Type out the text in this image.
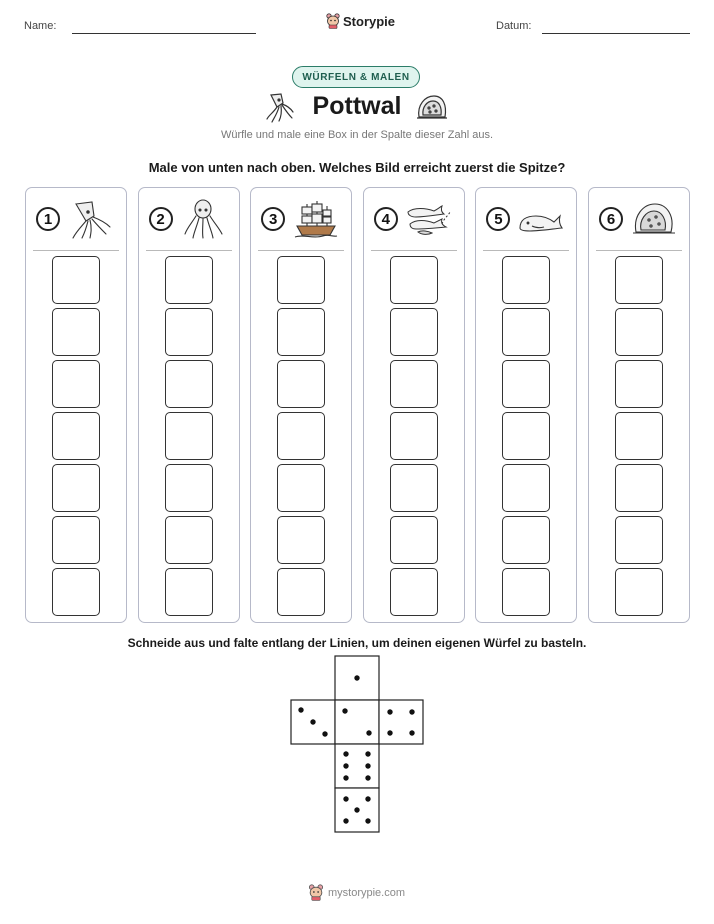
Name:	Storypie	Datum:
WÜRFELN & MALEN
Pottwal
Würfle und male eine Box in der Spalte dieser Zahl aus.
Male von unten nach oben. Welches Bild erreicht zuerst die Spitze?
1	2	3	4	5	6
Schneide aus und falte entlang der Linien, um deinen eigenen Würfel zu basteln.
mystorypie.com
